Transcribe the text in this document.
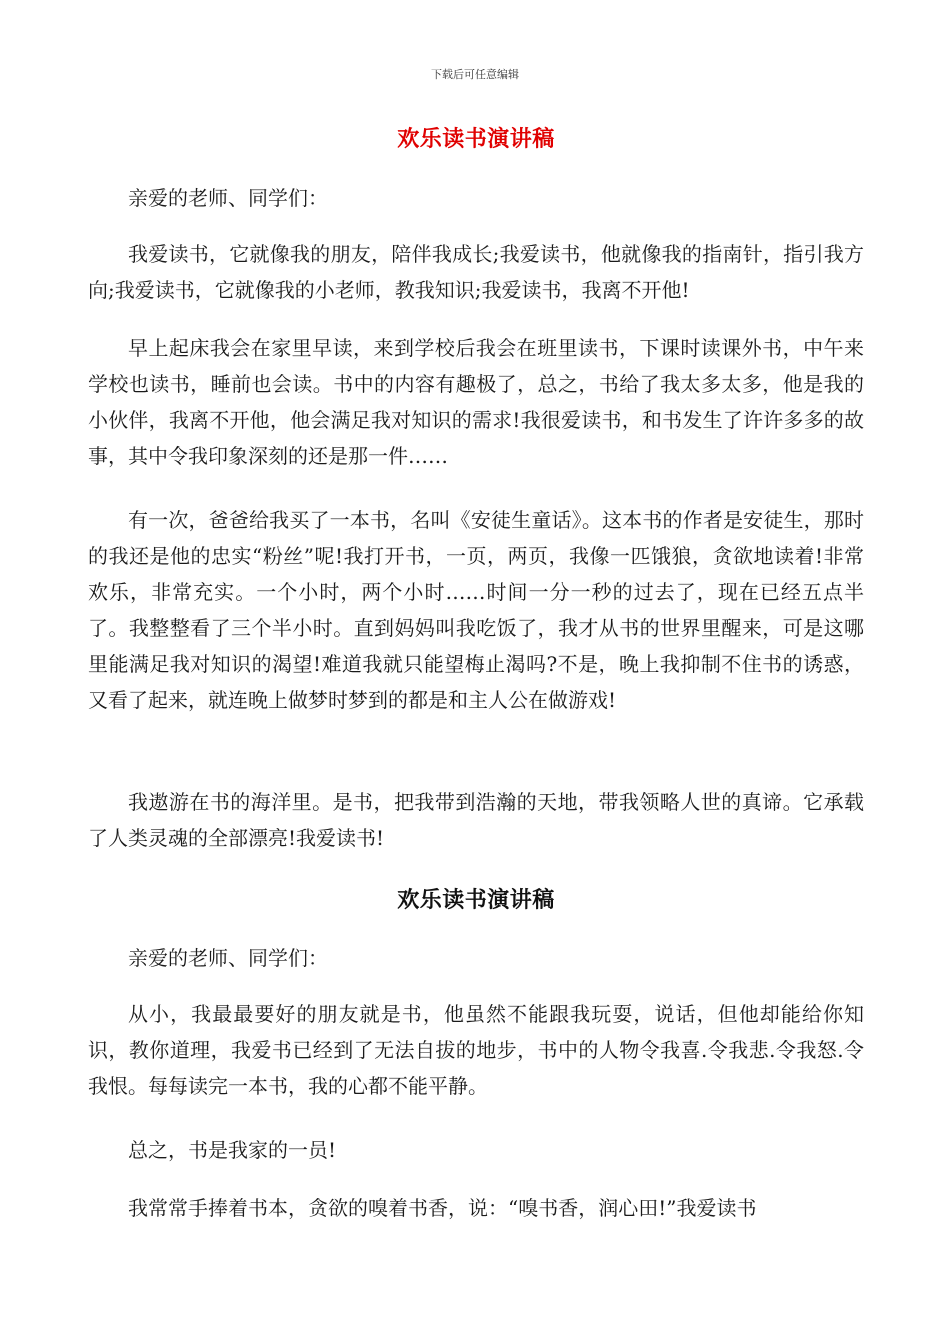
下载后可任意编辑
欢乐读书演讲稿

亲爱的老师、同学们：

我爱读书，它就像我的朋友，陪伴我成长;我爱读书，他就像我的指南针，指引我方向;我爱读书，它就像我的小老师，教我知识;我爱读书，我离不开他!

早上起床我会在家里早读，来到学校后我会在班里读书，下课时读课外书，中午来学校也读书，睡前也会读。书中的内容有趣极了，总之，书给了我太多太多，他是我的小伙伴，我离不开他，他会满足我对知识的需求!我很爱读书，和书发生了许许多多的故事，其中令我印象深刻的还是那一件……

有一次，爸爸给我买了一本书，名叫《安徒生童话》。这本书的作者是安徒生，那时的我还是他的忠实“粉丝”呢!我打开书，一页，两页，我像一匹饿狼，贪欲地读着!非常欢乐，非常充实。一个小时，两个小时……时间一分一秒的过去了，现在已经五点半了。我整整看了三个半小时。直到妈妈叫我吃饭了，我才从书的世界里醒来，可是这哪里能满足我对知识的渴望!难道我就只能望梅止渴吗?不是，晚上我抑制不住书的诱惑，又看了起来，就连晚上做梦时梦到的都是和主人公在做游戏!

我遨游在书的海洋里。是书，把我带到浩瀚的天地，带我领略人世的真谛。它承载了人类灵魂的全部漂亮!我爱读书!

欢乐读书演讲稿

亲爱的老师、同学们：

从小，我最最要好的朋友就是书，他虽然不能跟我玩耍，说话，但他却能给你知识，教你道理，我爱书已经到了无法自拔的地步，书中的人物令我喜.令我悲.令我怒.令我恨。每每读完一本书，我的心都不能平静。

总之，书是我家的一员!

我常常手捧着书本，贪欲的嗅着书香，说：“嗅书香，润心田!”我爱读书
